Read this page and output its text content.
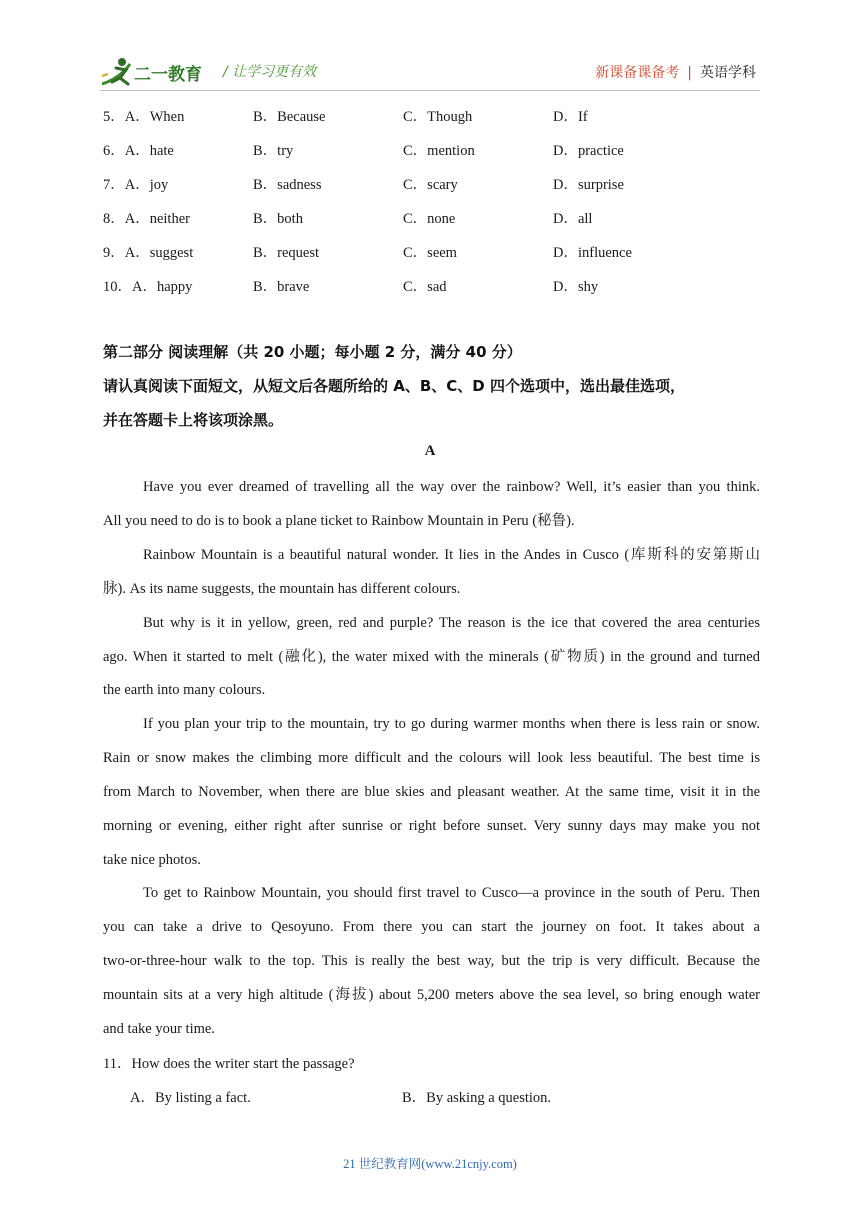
二一教育 / 让学习更有效	新课备课备考 | 英语学科
5．A．When	B．Because	C．Though	D．If
6．A．hate	B．try	C．mention	D．practice
7．A．joy	B．sadness	C．scary	D．surprise
8．A．neither	B．both	C．none	D．all
9．A．suggest	B．request	C．seem	D．influence
10．A．happy	B．brave	C．sad	D．shy
第二部分 阅读理解（共 20 小题；每小题 2 分，满分 40 分）
请认真阅读下面短文，从短文后各题所给的 A、B、C、D 四个选项中，选出最佳选项，
并在答题卡上将该项涂黑。
A
Have you ever dreamed of travelling all the way over the rainbow? Well, it’s easier than you think.
All you need to do is to book a plane ticket to Rainbow Mountain in Peru (秘鲁).
Rainbow Mountain is a beautiful natural wonder. It lies in the Andes in Cusco (库斯科的安第斯山
脉). As its name suggests, the mountain has different colours.
But why is it in yellow, green, red and purple? The reason is the ice that covered the area centuries
ago. When it started to melt (融化), the water mixed with the minerals (矿物质) in the ground and turned
the earth into many colours.
If you plan your trip to the mountain, try to go during warmer months when there is less rain or snow.
Rain or snow makes the climbing more difficult and the colours will look less beautiful. The best time is
from March to November, when there are blue skies and pleasant weather. At the same time, visit it in the
morning or evening, either right after sunrise or right before sunset. Very sunny days may make you not
take nice photos.
To get to Rainbow Mountain, you should first travel to Cusco—a province in the south of Peru. Then
you can take a drive to Qesoyuno. From there you can start the journey on foot. It takes about a
two-or-three-hour walk to the top. This is really the best way, but the trip is very difficult. Because the
mountain sits at a very high altitude (海拔) about 5,200 meters above the sea level, so bring enough water
and take your time.
11．How does the writer start the passage?
A．By listing a fact.	B．By asking a question.
21 世纪教育网(www.21cnjy.com)
